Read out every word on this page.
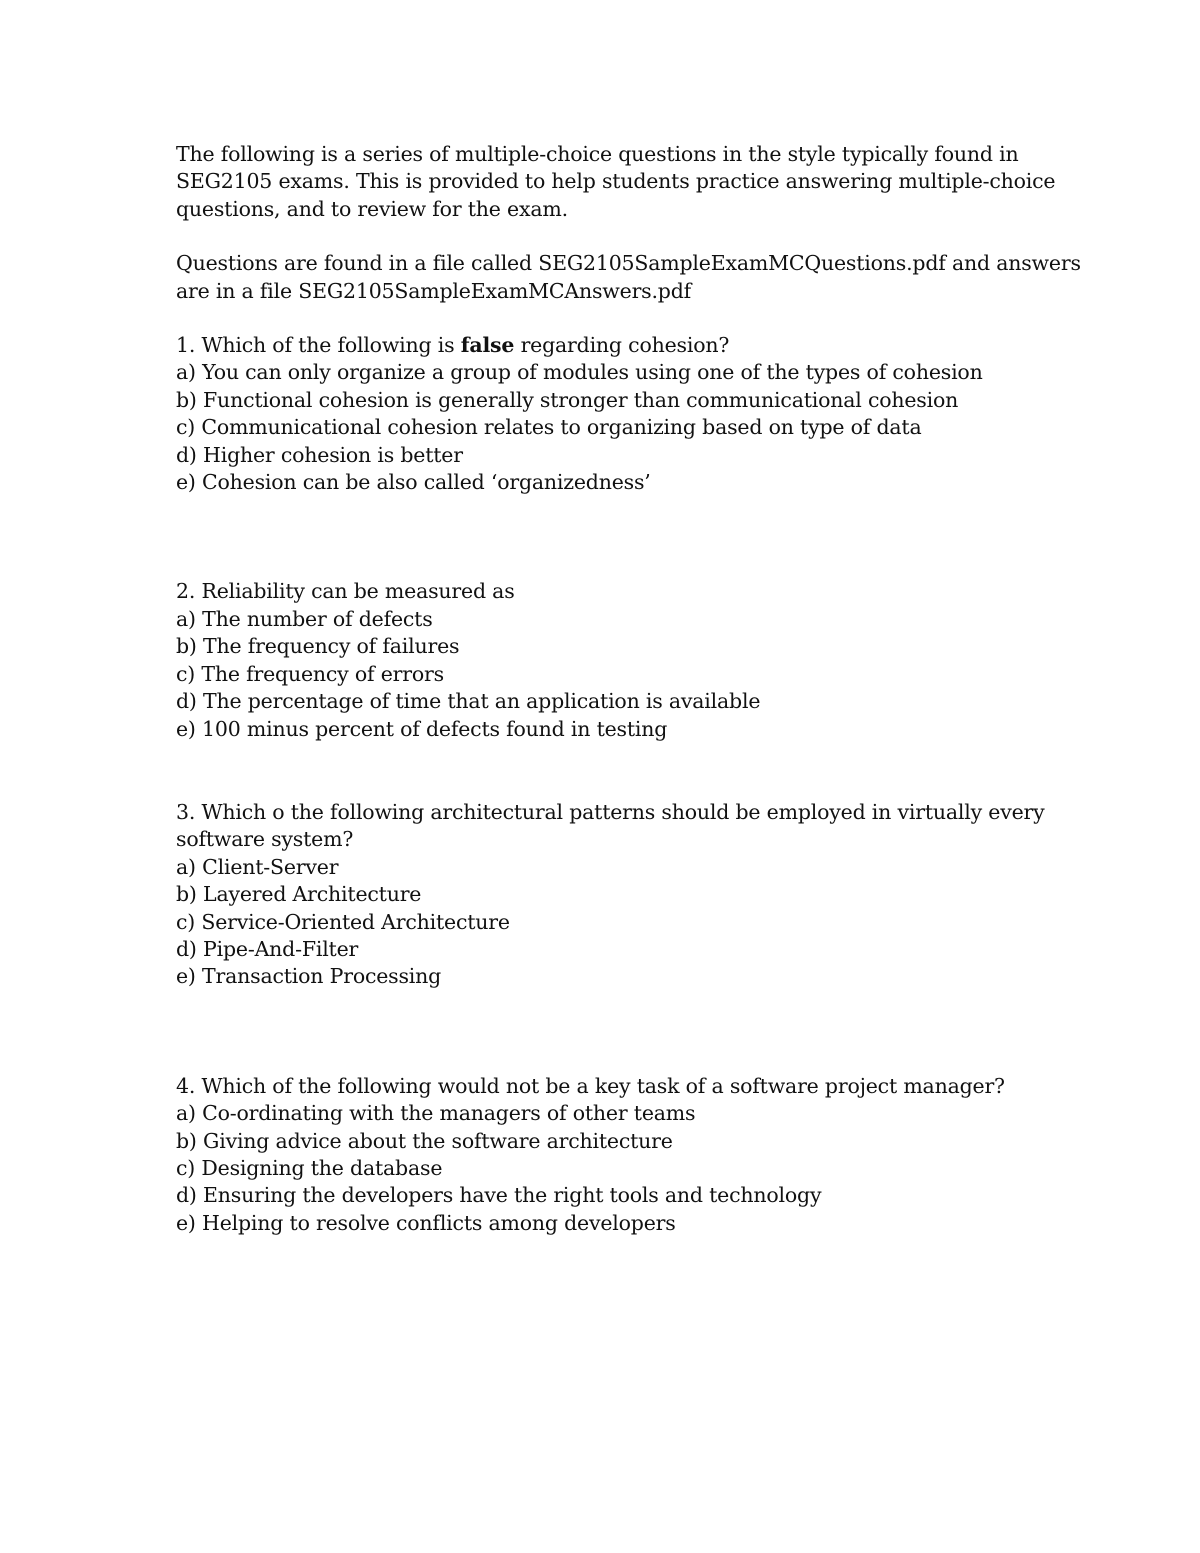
The following is a series of multiple-choice questions in the style typically found in
SEG2105 exams. This is provided to help students practice answering multiple-choice
questions, and to review for the exam.

Questions are found in a file called SEG2105SampleExamMCQuestions.pdf and answers
are in a file SEG2105SampleExamMCAnswers.pdf

1. Which of the following is false regarding cohesion?
a) You can only organize a group of modules using one of the types of cohesion
b) Functional cohesion is generally stronger than communicational cohesion
c) Communicational cohesion relates to organizing based on type of data
d) Higher cohesion is better
e) Cohesion can be also called ‘organizedness’
2. Reliability can be measured as
a) The number of defects
b) The frequency of failures
c) The frequency of errors
d) The percentage of time that an application is available
e) 100 minus percent of defects found in testing
3. Which o the following architectural patterns should be employed in virtually every
software system?
a) Client-Server
b) Layered Architecture
c) Service-Oriented Architecture
d) Pipe-And-Filter
e) Transaction Processing
4. Which of the following would not be a key task of a software project manager?
a) Co-ordinating with the managers of other teams
b) Giving advice about the software architecture
c) Designing the database
d) Ensuring the developers have the right tools and technology
e) Helping to resolve conflicts among developers
